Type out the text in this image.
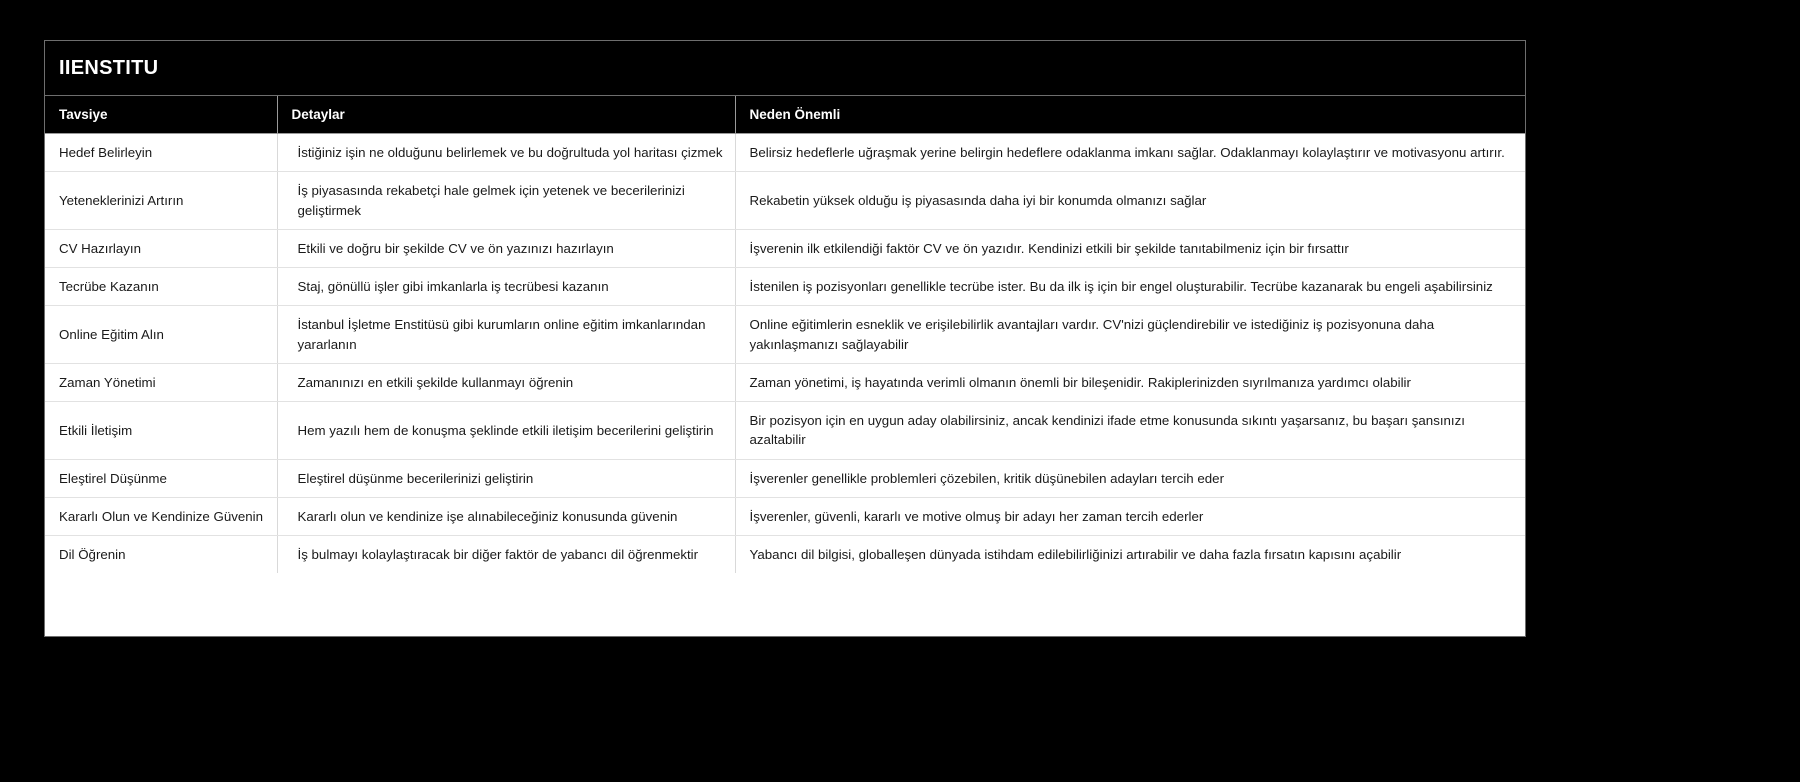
IIENSTITU
Tavsiye	Detaylar	Neden Önemli
Hedef Belirleyin	İstiğiniz işin ne olduğunu belirlemek ve bu doğrultuda yol haritası çizmek	Belirsiz hedeflerle uğraşmak yerine belirgin hedeflere odaklanma imkanı sağlar. Odaklanmayı kolaylaştırır ve motivasyonu artırır.
Yeteneklerinizi Artırın	İş piyasasında rekabetçi hale gelmek için yetenek ve becerilerinizi geliştirmek	Rekabetin yüksek olduğu iş piyasasında daha iyi bir konumda olmanızı sağlar
CV Hazırlayın	Etkili ve doğru bir şekilde CV ve ön yazınızı hazırlayın	İşverenin ilk etkilendiği faktör CV ve ön yazıdır. Kendinizi etkili bir şekilde tanıtabilmeniz için bir fırsattır
Tecrübe Kazanın	Staj, gönüllü işler gibi imkanlarla iş tecrübesi kazanın	İstenilen iş pozisyonları genellikle tecrübe ister. Bu da ilk iş için bir engel oluşturabilir. Tecrübe kazanarak bu engeli aşabilirsiniz
Online Eğitim Alın	İstanbul İşletme Enstitüsü gibi kurumların online eğitim imkanlarından yararlanın	Online eğitimlerin esneklik ve erişilebilirlik avantajları vardır. CV'nizi güçlendirebilir ve istediğiniz iş pozisyonuna daha yakınlaşmanızı sağlayabilir
Zaman Yönetimi	Zamanınızı en etkili şekilde kullanmayı öğrenin	Zaman yönetimi, iş hayatında verimli olmanın önemli bir bileşenidir. Rakiplerinizden sıyrılmanıza yardımcı olabilir
Etkili İletişim	Hem yazılı hem de konuşma şeklinde etkili iletişim becerilerini geliştirin	Bir pozisyon için en uygun aday olabilirsiniz, ancak kendinizi ifade etme konusunda sıkıntı yaşarsanız, bu başarı şansınızı azaltabilir
Eleştirel Düşünme	Eleştirel düşünme becerilerinizi geliştirin	İşverenler genellikle problemleri çözebilen, kritik düşünebilen adayları tercih eder
Kararlı Olun ve Kendinize Güvenin	Kararlı olun ve kendinize işe alınabileceğiniz konusunda güvenin	İşverenler, güvenli, kararlı ve motive olmuş bir adayı her zaman tercih ederler
Dil Öğrenin	İş bulmayı kolaylaştıracak bir diğer faktör de yabancı dil öğrenmektir	Yabancı dil bilgisi, globalleşen dünyada istihdam edilebilirliğinizi artırabilir ve daha fazla fırsatın kapısını açabilir
